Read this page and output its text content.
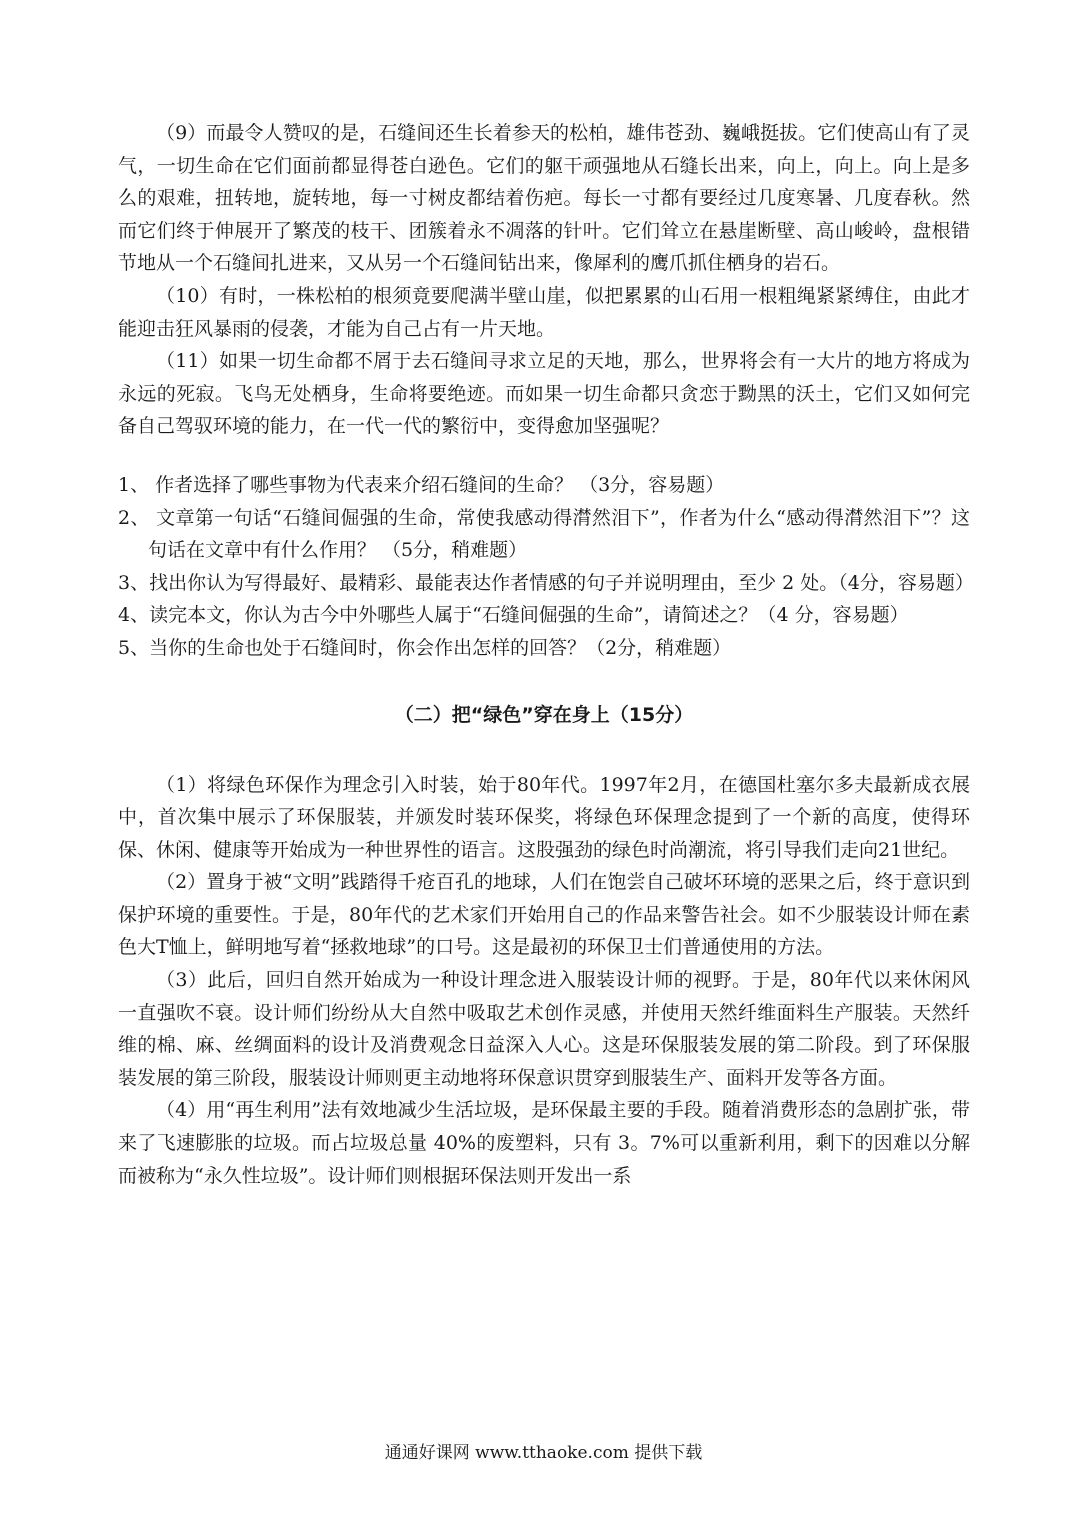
（9）而最令人赞叹的是，石缝间还生长着参天的松柏，雄伟苍劲、巍峨挺拔。它们使高山有了灵气，一切生命在它们面前都显得苍白逊色。它们的躯干顽强地从石缝长出来，向上，向上。向上是多么的艰难，扭转地，旋转地，每一寸树皮都结着伤疤。每长一寸都有要经过几度寒暑、几度春秋。然而它们终于伸展开了繁茂的枝干、团簇着永不凋落的针叶。它们耸立在悬崖断壁、高山峻岭，盘根错节地从一个石缝间扎进来，又从另一个石缝间钻出来，像犀利的鹰爪抓住栖身的岩石。

（10）有时，一株松柏的根须竟要爬满半壁山崖，似把累累的山石用一根粗绳紧紧缚住，由此才能迎击狂风暴雨的侵袭，才能为自己占有一片天地。

（11）如果一切生命都不屑于去石缝间寻求立足的天地，那么，世界将会有一大片的地方将成为永远的死寂。飞鸟无处栖身，生命将要绝迹。而如果一切生命都只贪恋于黝黑的沃土，它们又如何完备自己驾驭环境的能力，在一代一代的繁衍中，变得愈加坚强呢？

1、 作者选择了哪些事物为代表来介绍石缝间的生命？ （3分，容易题）

2、 文章第一句话“石缝间倔强的生命，常使我感动得潸然泪下”，作者为什么“感动得潸然泪下”？这句话在文章中有什么作用？ （5分，稍难题）

3、找出你认为写得最好、最精彩、最能表达作者情感的句子并说明理由，至少 2 处。（4分，容易题）

4、读完本文，你认为古今中外哪些人属于“石缝间倔强的生命”，请简述之？（4 分，容易题）

5、当你的生命也处于石缝间时，你会作出怎样的回答？（2分，稍难题）

（二）把“绿色”穿在身上（15分）

（1）将绿色环保作为理念引入时装，始于80年代。1997年2月，在德国杜塞尔多夫最新成衣展中，首次集中展示了环保服装，并颁发时装环保奖，将绿色环保理念提到了一个新的高度，使得环保、休闲、健康等开始成为一种世界性的语言。这股强劲的绿色时尚潮流，将引导我们走向21世纪。

（2）置身于被“文明”践踏得千疮百孔的地球，人们在饱尝自己破坏环境的恶果之后，终于意识到保护环境的重要性。于是，80年代的艺术家们开始用自己的作品来警告社会。如不少服装设计师在素色大T恤上，鲜明地写着“拯救地球”的口号。这是最初的环保卫士们普通使用的方法。

（3）此后，回归自然开始成为一种设计理念进入服装设计师的视野。于是，80年代以来休闲风一直强吹不衰。设计师们纷纷从大自然中吸取艺术创作灵感，并使用天然纤维面料生产服装。天然纤维的棉、麻、丝绸面料的设计及消费观念日益深入人心。这是环保服装发展的第二阶段。到了环保服装发展的第三阶段，服装设计师则更主动地将环保意识贯穿到服装生产、面料开发等各方面。

（4）用“再生利用”法有效地减少生活垃圾，是环保最主要的手段。随着消费形态的急剧扩张，带来了飞速膨胀的垃圾。而占垃圾总量 40%的废塑料，只有 3。7%可以重新利用，剩下的因难以分解而被称为“永久性垃圾”。设计师们则根据环保法则开发出一系

通通好课网 www.tthaoke.com 提供下载
